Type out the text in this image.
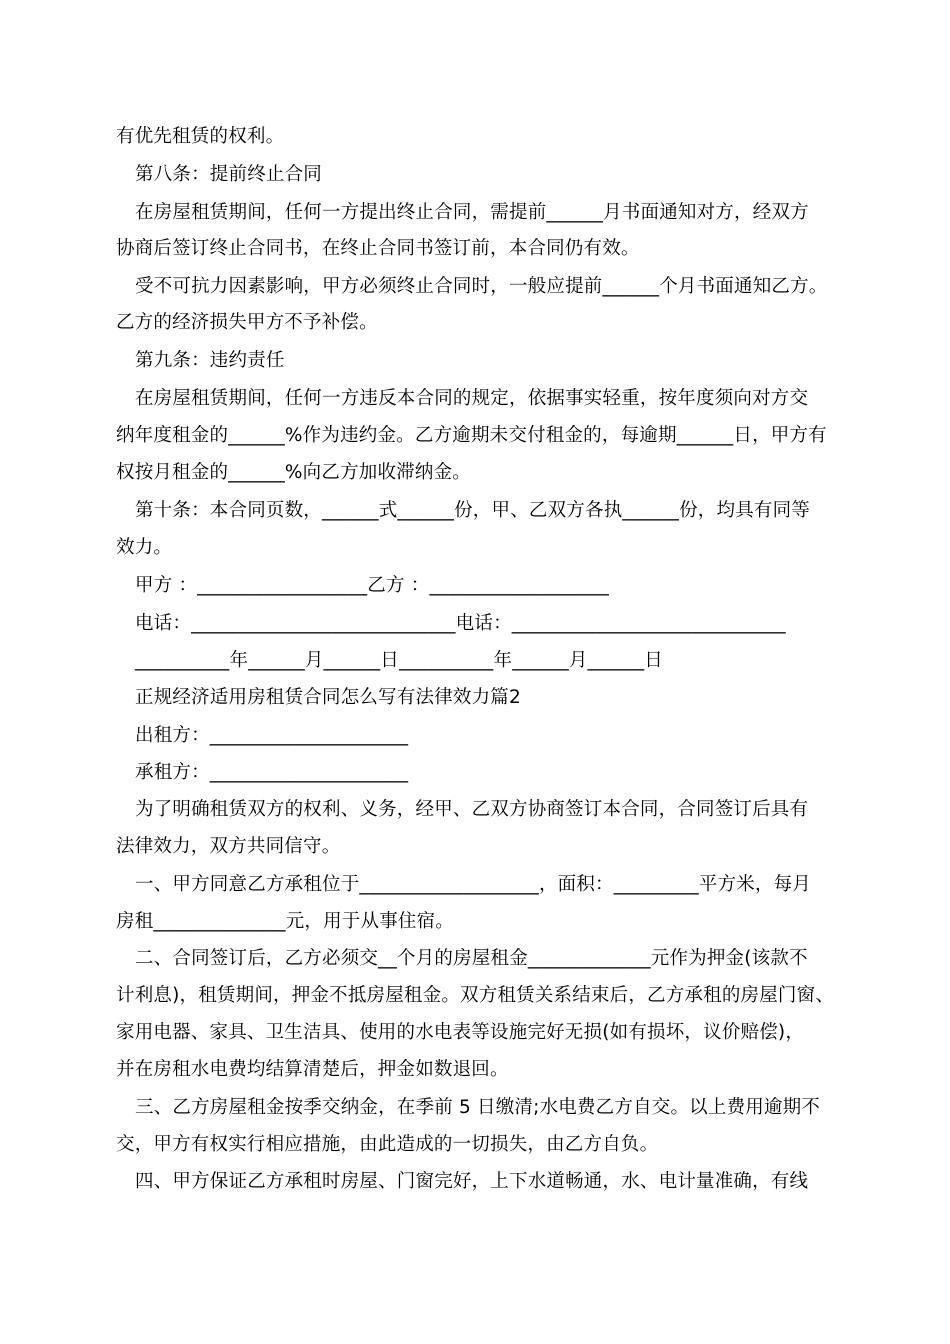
有优先租赁的权利。
第八条：提前终止合同
在房屋租赁期间，任何一方提出终止合同，需提前______月书面通知对方，经双方
协商后签订终止合同书，在终止合同书签订前，本合同仍有效。
受不可抗力因素影响，甲方必须终止合同时，一般应提前______个月书面通知乙方。
乙方的经济损失甲方不予补偿。
第九条：违约责任
在房屋租赁期间，任何一方违反本合同的规定，依据事实轻重，按年度须向对方交
纳年度租金的______%作为违约金。乙方逾期未交付租金的，每逾期______日，甲方有
权按月租金的______%向乙方加收滞纳金。
第十条：本合同页数，______式______份，甲、乙双方各执______份，均具有同等
效力。
甲方 ：__________________乙方 ：___________________
电话：____________________________电话：_____________________________
__________年______月______日__________年______月______日
正规经济适用房租赁合同怎么写有法律效力篇2
出租方：_____________________
承租方：_____________________
为了明确租赁双方的权利、义务，经甲、乙双方协商签订本合同，合同签订后具有
法律效力，双方共同信守。
一、甲方同意乙方承租位于___________________，面积：_________平方米，每月
房租______________元，用于从事住宿。
二、合同签订后，乙方必须交__个月的房屋租金_____________元作为押金(该款不
计利息)，租赁期间，押金不抵房屋租金。双方租赁关系结束后，乙方承租的房屋门窗、
家用电器、家具、卫生洁具、使用的水电表等设施完好无损(如有损坏，议价赔偿)，
并在房租水电费均结算清楚后，押金如数退回。
三、乙方房屋租金按季交纳金，在季前 5 日缴清;水电费乙方自交。以上费用逾期不
交，甲方有权实行相应措施，由此造成的一切损失，由乙方自负。
四、甲方保证乙方承租时房屋、门窗完好，上下水道畅通，水、电计量准确，有线
